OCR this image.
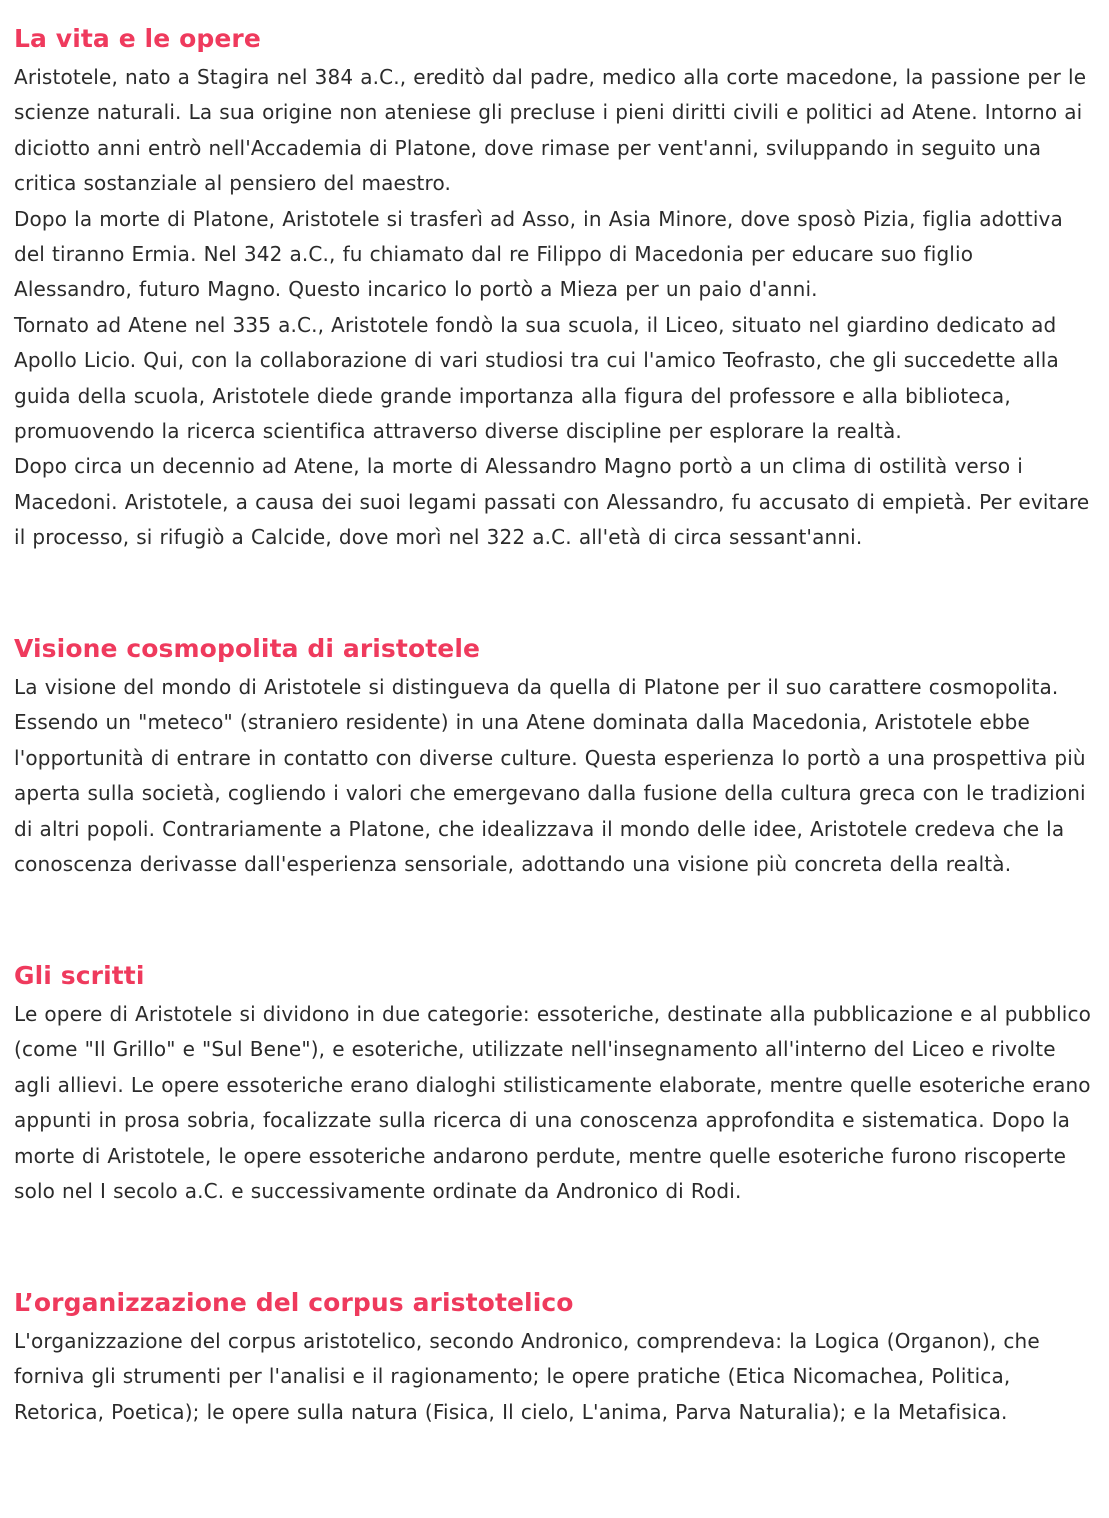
La vita e le opere

Aristotele, nato a Stagira nel 384 a.C., ereditò dal padre, medico alla corte macedone, la passione per le scienze naturali. La sua origine non ateniese gli precluse i pieni diritti civili e politici ad Atene. Intorno ai diciotto anni entrò nell'Accademia di Platone, dove rimase per vent'anni, sviluppando in seguito una critica sostanziale al pensiero del maestro.

Dopo la morte di Platone, Aristotele si trasferì ad Asso, in Asia Minore, dove sposò Pizia, figlia adottiva del tiranno Ermia. Nel 342 a.C., fu chiamato dal re Filippo di Macedonia per educare suo figlio Alessandro, futuro Magno. Questo incarico lo portò a Mieza per un paio d'anni.

Tornato ad Atene nel 335 a.C., Aristotele fondò la sua scuola, il Liceo, situato nel giardino dedicato ad Apollo Licio. Qui, con la collaborazione di vari studiosi tra cui l'amico Teofrasto, che gli succedette alla guida della scuola, Aristotele diede grande importanza alla figura del professore e alla biblioteca, promuovendo la ricerca scientifica attraverso diverse discipline per esplorare la realtà.

Dopo circa un decennio ad Atene, la morte di Alessandro Magno portò a un clima di ostilità verso i Macedoni. Aristotele, a causa dei suoi legami passati con Alessandro, fu accusato di empietà. Per evitare il processo, si rifugiò a Calcide, dove morì nel 322 a.C. all'età di circa sessant'anni.

Visione cosmopolita di aristotele

La visione del mondo di Aristotele si distingueva da quella di Platone per il suo carattere cosmopolita. Essendo un "meteco" (straniero residente) in una Atene dominata dalla Macedonia, Aristotele ebbe l'opportunità di entrare in contatto con diverse culture. Questa esperienza lo portò a una prospettiva più aperta sulla società, cogliendo i valori che emergevano dalla fusione della cultura greca con le tradizioni di altri popoli. Contrariamente a Platone, che idealizzava il mondo delle idee, Aristotele credeva che la conoscenza derivasse dall'esperienza sensoriale, adottando una visione più concreta della realtà.

Gli scritti

Le opere di Aristotele si dividono in due categorie: essoteriche, destinate alla pubblicazione e al pubblico (come "Il Grillo" e "Sul Bene"), e esoteriche, utilizzate nell'insegnamento all'interno del Liceo e rivolte agli allievi. Le opere essoteriche erano dialoghi stilisticamente elaborate, mentre quelle esoteriche erano appunti in prosa sobria, focalizzate sulla ricerca di una conoscenza approfondita e sistematica. Dopo la morte di Aristotele, le opere essoteriche andarono perdute, mentre quelle esoteriche furono riscoperte solo nel I secolo a.C. e successivamente ordinate da Andronico di Rodi.

L’organizzazione del corpus aristotelico

L'organizzazione del corpus aristotelico, secondo Andronico, comprendeva: la Logica (Organon), che forniva gli strumenti per l'analisi e il ragionamento; le opere pratiche (Etica Nicomachea, Politica, Retorica, Poetica); le opere sulla natura (Fisica, Il cielo, L'anima, Parva Naturalia); e la Metafisica.
